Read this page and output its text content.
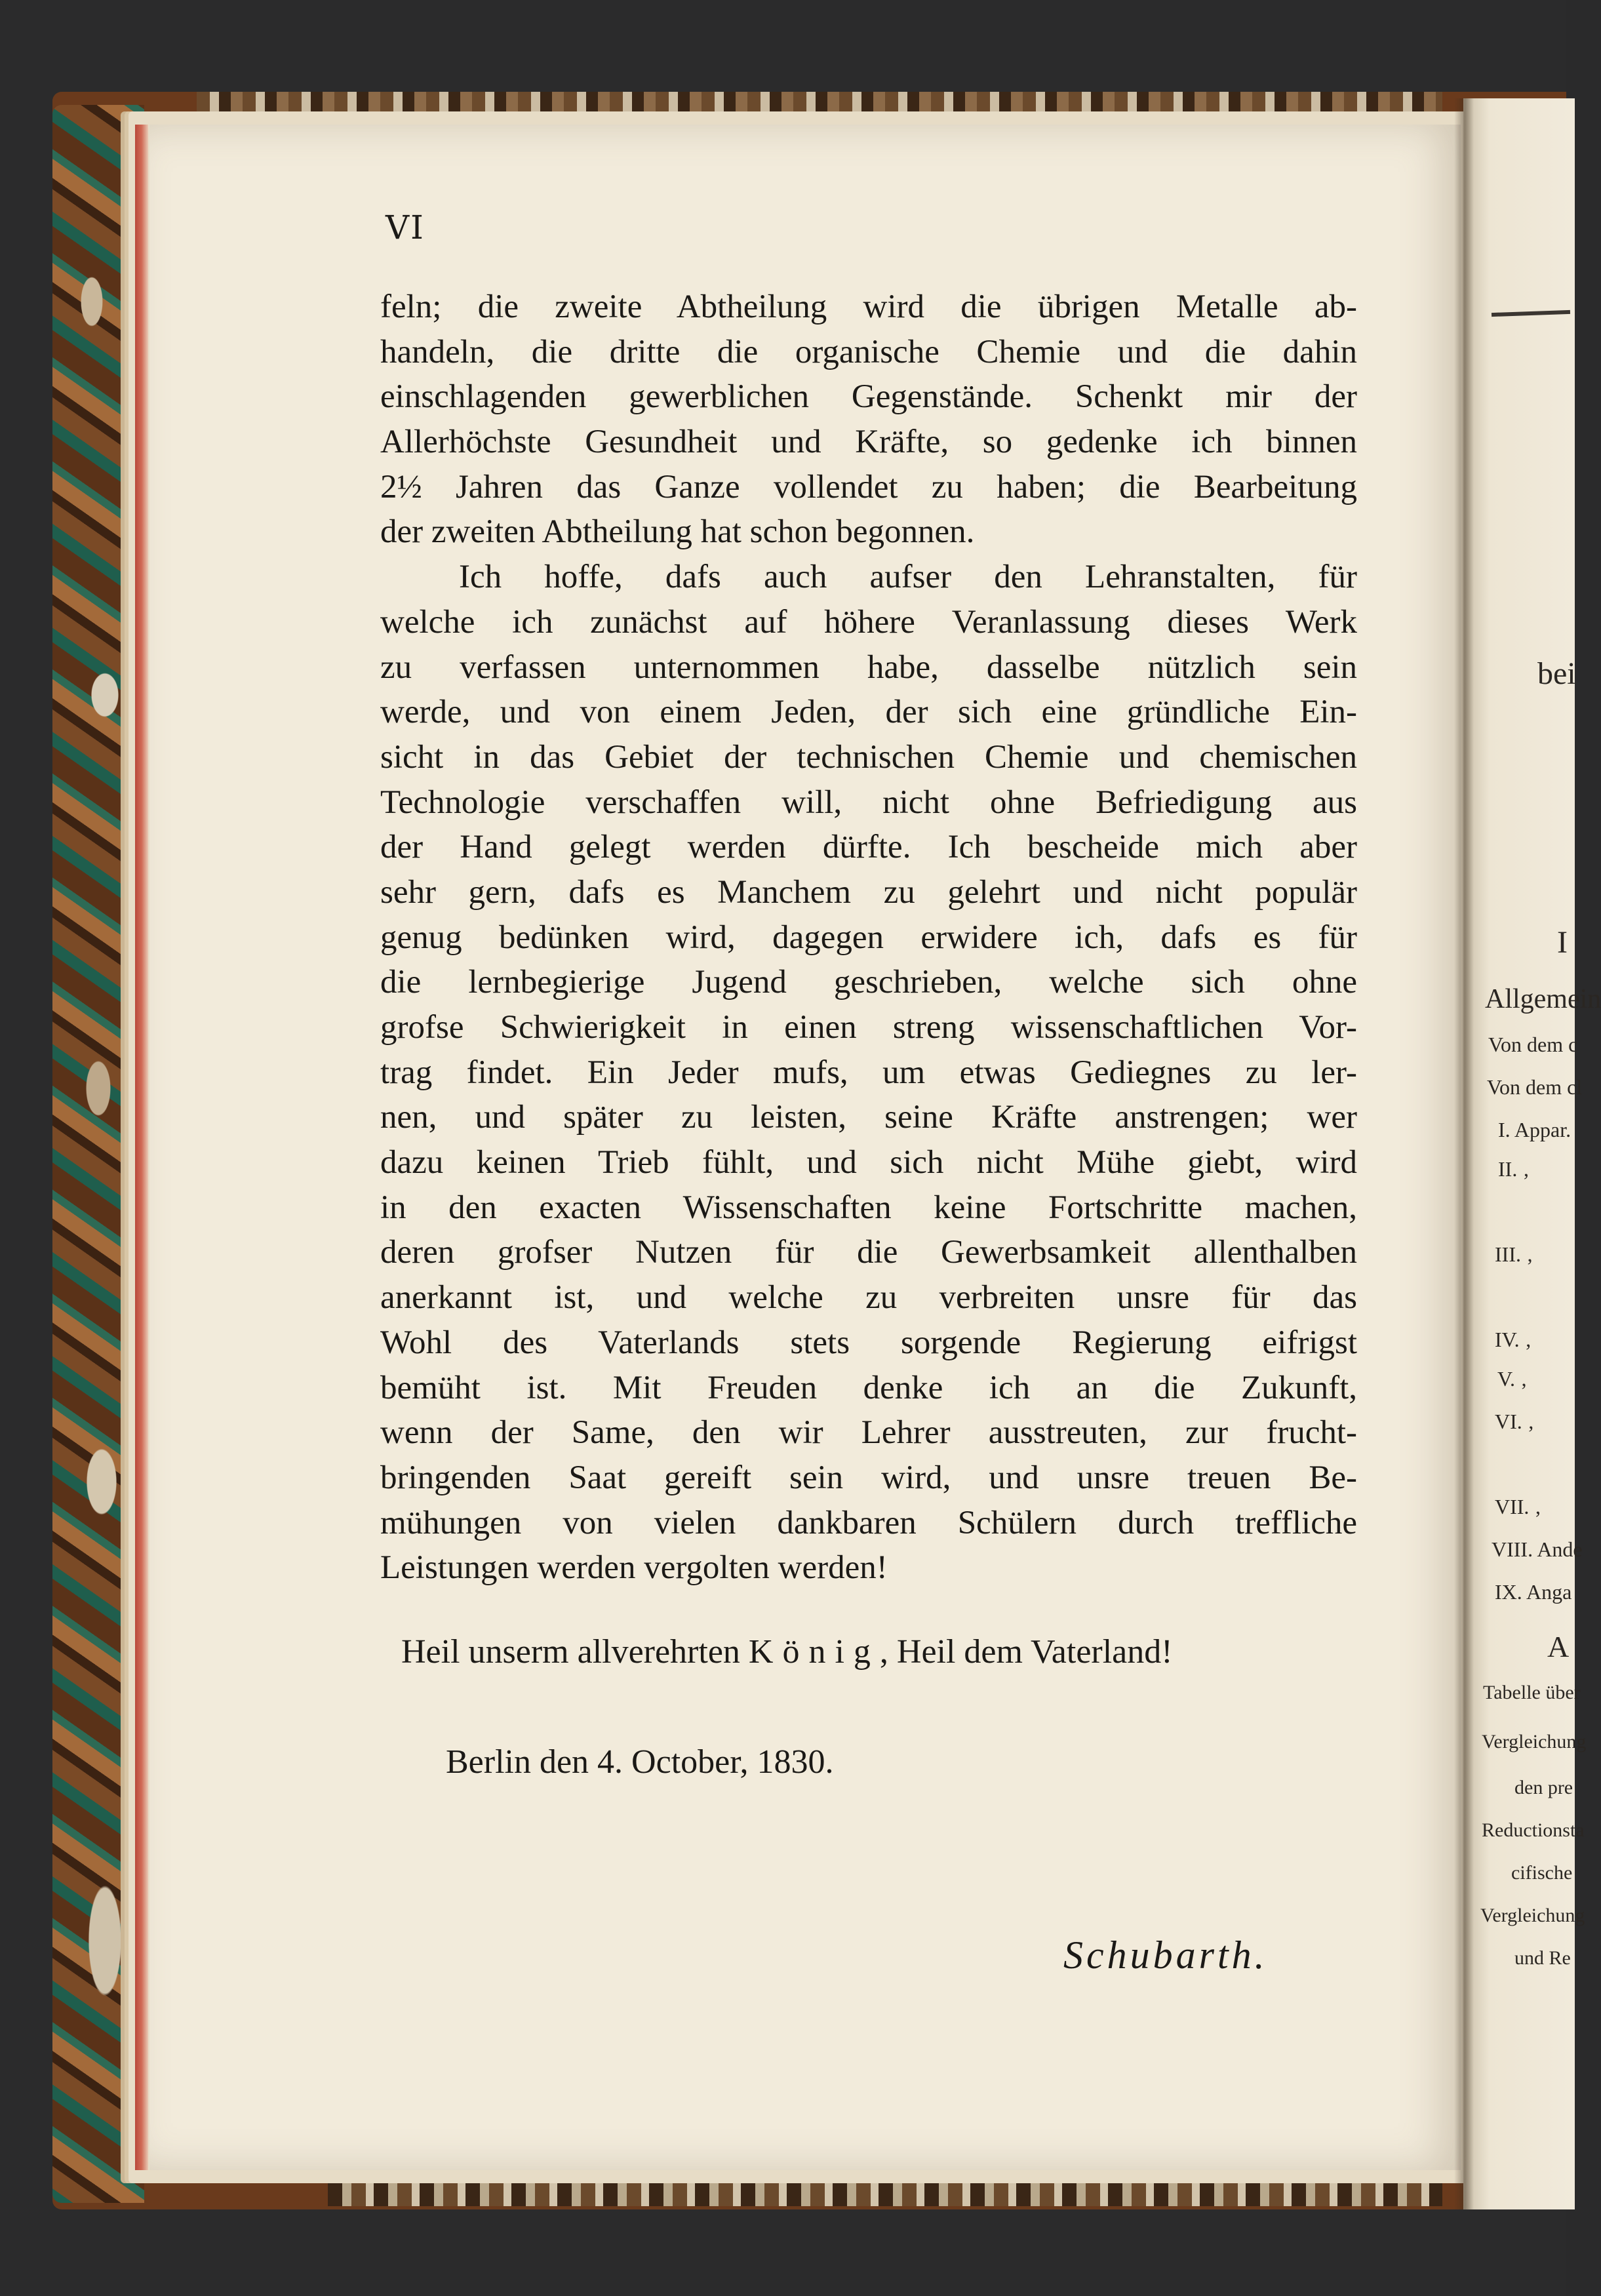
VI
feln; die zweite Abtheilung wird die übrigen Metalle ab-
handeln, die dritte die organische Chemie und die dahin
einschlagenden gewerblichen Gegenstände. Schenkt mir der
Allerhöchste Gesundheit und Kräfte, so gedenke ich binnen
2½ Jahren das Ganze vollendet zu haben; die Bearbeitung
der zweiten Abtheilung hat schon begonnen.
Ich hoffe, dafs auch aufser den Lehranstalten, für
welche ich zunächst auf höhere Veranlassung dieses Werk
zu verfassen unternommen habe, dasselbe nützlich sein
werde, und von einem Jeden, der sich eine gründliche Ein-
sicht in das Gebiet der technischen Chemie und chemischen
Technologie verschaffen will, nicht ohne Befriedigung aus
der Hand gelegt werden dürfte. Ich bescheide mich aber
sehr gern, dafs es Manchem zu gelehrt und nicht populär
genug bedünken wird, dagegen erwidere ich, dafs es für
die lernbegierige Jugend geschrieben, welche sich ohne
grofse Schwierigkeit in einen streng wissenschaftlichen Vor-
trag findet. Ein Jeder mufs, um etwas Gediegnes zu ler-
nen, und später zu leisten, seine Kräfte anstrengen; wer
dazu keinen Trieb fühlt, und sich nicht Mühe giebt, wird
in den exacten Wissenschaften keine Fortschritte machen,
deren grofser Nutzen für die Gewerbsamkeit allenthalben
anerkannt ist, und welche zu verbreiten unsre für das
Wohl des Vaterlands stets sorgende Regierung eifrigst
bemüht ist. Mit Freuden denke ich an die Zukunft,
wenn der Same, den wir Lehrer ausstreuten, zur frucht-
bringenden Saat gereift sein wird, und unsre treuen Be-
mühungen von vielen dankbaren Schülern durch treffliche
Leistungen werden vergolten werden!
Heil unserm allverehrten König, Heil dem Vaterland!
Berlin den 4. October, 1830.
Schubarth.
bei
I
Allgemein
Von dem c
Von dem cl
I. Appar.
II. ‚
III. ‚
IV. ‚
V. ‚
VI. ‚
VII. ‚
VIII. Ande
IX. Anga
A
Tabelle über
Vergleichung
den pre
Reductionsta
cifische
Vergleichung
und Re
